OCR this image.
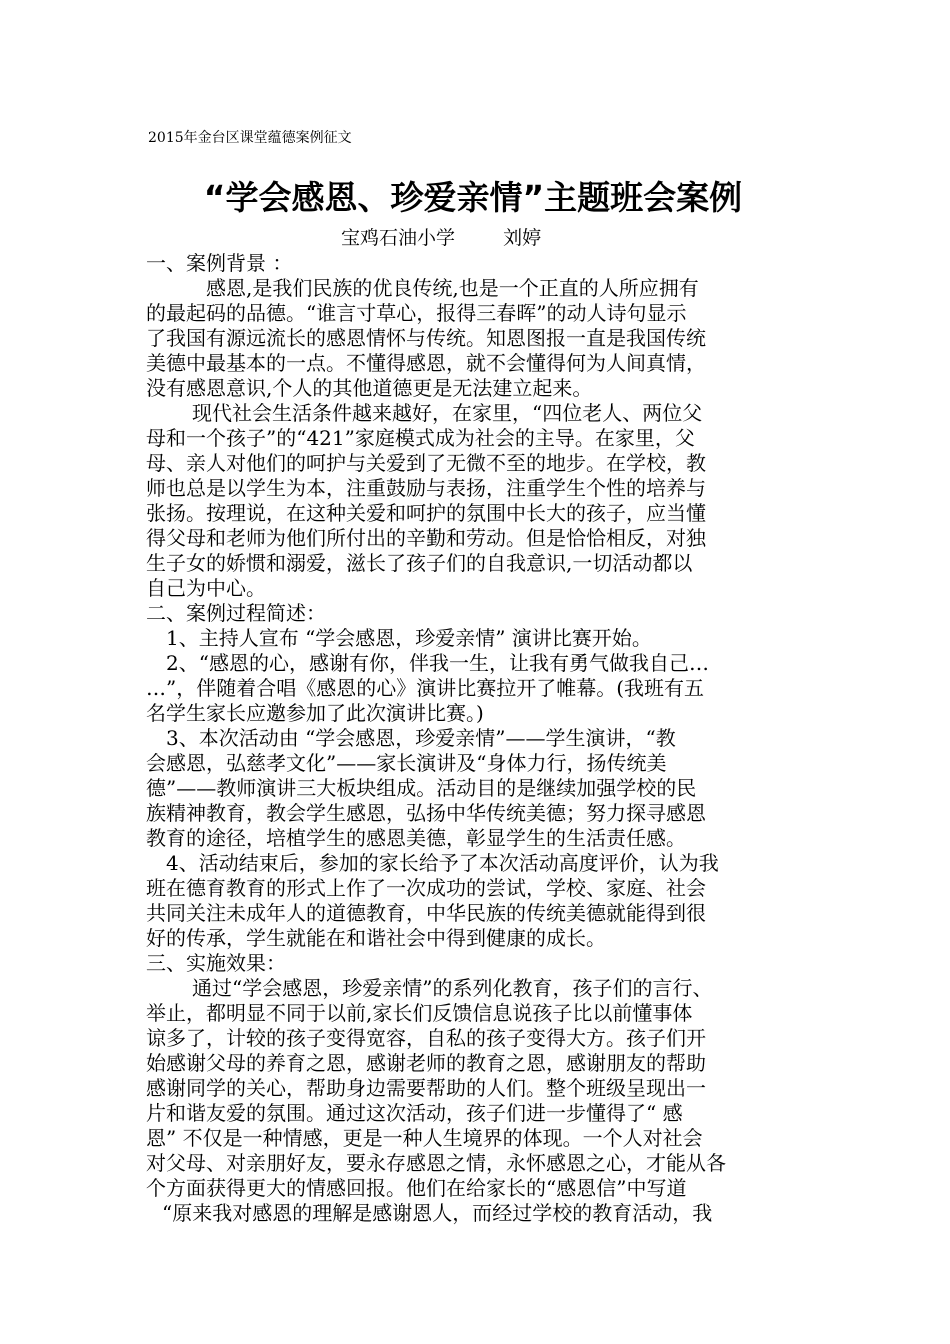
2015年金台区课堂蕴德案例征文
“学会感恩、珍爱亲情”主题班会案例
宝鸡石油小学	刘婷
一、案例背景 ：
感恩,是我们民族的优良传统,也是一个正直的人所应拥有
的最起码的品德。“谁言寸草心，报得三春晖”的动人诗句显示
了我国有源远流长的感恩情怀与传统。知恩图报一直是我国传统
美德中最基本的一点。不懂得感恩，就不会懂得何为人间真情，
没有感恩意识,个人的其他道德更是无法建立起来。
现代社会生活条件越来越好，在家里，“四位老人、两位父
母和一个孩子”的“421”家庭模式成为社会的主导。在家里，父
母、亲人对他们的呵护与关爱到了无微不至的地步。在学校，教
师也总是以学生为本，注重鼓励与表扬，注重学生个性的培养与
张扬。按理说，在这种关爱和呵护的氛围中长大的孩子，应当懂
得父母和老师为他们所付出的辛勤和劳动。但是恰恰相反，对独
生子女的娇惯和溺爱，滋长了孩子们的自我意识,一切活动都以
自己为中心。
二、案例过程简述：
1、主持人宣布 “学会感恩，珍爱亲情” 演讲比赛开始。
2、“感恩的心，感谢有你，伴我一生，让我有勇气做我自己…
…”，伴随着合唱《感恩的心》演讲比赛拉开了帷幕。(我班有五
名学生家长应邀参加了此次演讲比赛。)
3、本次活动由 “学会感恩，珍爱亲情”——学生演讲，“教
会感恩，弘慈孝文化”——家长演讲及“身体力行，扬传统美
德”——教师演讲三大板块组成。活动目的是继续加强学校的民
族精神教育，教会学生感恩，弘扬中华传统美德；努力探寻感恩
教育的途径，培植学生的感恩美德，彰显学生的生活责任感。
4、活动结束后，参加的家长给予了本次活动高度评价，认为我
班在德育教育的形式上作了一次成功的尝试，学校、家庭、社会
共同关注未成年人的道德教育，中华民族的传统美德就能得到很
好的传承，学生就能在和谐社会中得到健康的成长。
三、实施效果：
通过“学会感恩，珍爱亲情”的系列化教育，孩子们的言行、
举止，都明显不同于以前,家长们反馈信息说孩子比以前懂事体
谅多了，计较的孩子变得宽容，自私的孩子变得大方。孩子们开
始感谢父母的养育之恩，感谢老师的教育之恩，感谢朋友的帮助
感谢同学的关心，帮助身边需要帮助的人们。整个班级呈现出一
片和谐友爱的氛围。通过这次活动，孩子们进一步懂得了“ 感
恩” 不仅是一种情感，更是一种人生境界的体现。一个人对社会
对父母、对亲朋好友，要永存感恩之情，永怀感恩之心，才能从各
个方面获得更大的情感回报。他们在给家长的“感恩信”中写道
“原来我对感恩的理解是感谢恩人，而经过学校的教育活动，我
